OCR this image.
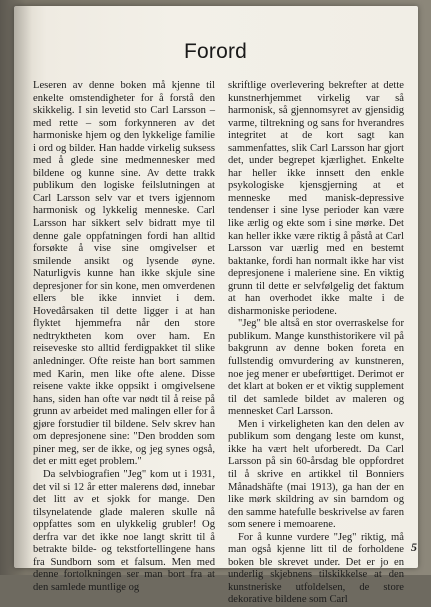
Forord

Leseren av denne boken må kjenne til enkelte omstendigheter for å forstå den skikkelig. I sin levetid sto Carl Larsson – med rette – som forkynneren av det harmoniske hjem og den lykkelige familie i ord og bilder. Han hadde virkelig suksess med å glede sine medmennesker med bildene og kunne sine. Av dette trakk publikum den logiske feilslutningen at Carl Larsson selv var et tvers igjennom harmonisk og lykkelig menneske. Carl Larsson har sikkert selv bidratt mye til denne gale oppfatningen fordi han alltid forsøkte å vise sine omgivelser et smilende ansikt og lysende øyne. Naturligvis kunne han ikke skjule sine depresjoner for sin kone, men omverdenen ellers ble ikke innviet i dem. Hovedårsaken til dette ligger i at han flyktet hjemmefra når den store nedtryktheten kom over ham. En reiseveske sto alltid ferdigpakket til slike anledninger. Ofte reiste han bort sammen med Karin, men like ofte alene. Disse reisene vakte ikke oppsikt i omgivelsene hans, siden han ofte var nødt til å reise på grunn av arbeidet med malingen eller for å gjøre forstudier til bildene. Selv skrev han om depresjonene sine: "Den brodden som piner meg, ser de ikke, og jeg synes også, det er mitt eget problem."

Da selvbiografien "Jeg" kom ut i 1931, det vil si 12 år etter malerens død, innebar det litt av et sjokk for mange. Den tilsynelatende glade maleren skulle nå oppfattes som en ulykkelig grubler! Og derfra var det ikke noe langt skritt til å betrakte bilde- og tekstfortellingene hans fra Sundborn som et falsum. Men med denne fortolkningen ser man bort fra at den samlede muntlige og

skriftlige overlevering bekrefter at dette kunstnerhjemmet virkelig var så harmonisk, så gjennomsyret av gjensidig varme, tiltrekning og sans for hverandres integritet at de kort sagt kan sammenfattes, slik Carl Larsson har gjort det, under begrepet kjærlighet. Enkelte har heller ikke innsett den enkle psykologiske kjensgjerning at et menneske med manisk-depressive tendenser i sine lyse perioder kan være like ærlig og ekte som i sine mørke. Det kan heller ikke være riktig å påstå at Carl Larsson var uærlig med en bestemt baktanke, fordi han normalt ikke har vist depresjonene i maleriene sine. En viktig grunn til dette er selvfølgelig det faktum at han overhodet ikke malte i de disharmoniske periodene.

"Jeg" ble altså en stor overraskelse for publikum. Mange kunsthistorikere vil på bakgrunn av denne boken foreta en fullstendig omvurdering av kunstneren, noe jeg mener er ubeførttiget. Derimot er det klart at boken er et viktig supplement til det samlede bildet av maleren og mennesket Carl Larsson.

Men i virkeligheten kan den delen av publikum som dengang leste om kunst, ikke ha vært helt uforberedt. Da Carl Larsson på sin 60-årsdag ble oppfordret til å skrive en artikkel til Bonniers Månadshäfte (mai 1913), ga han der en like mørk skildring av sin barndom og den samme hatefulle beskrivelse av faren som senere i memoarene.

For å kunne vurdere "Jeg" riktig, må man også kjenne litt til de forholdene boken ble skrevet under. Det er jo en underlig skjebnens tilskikkelse at den kunstneriske utfoldelsen, de store dekorative bildene som Carl

5
